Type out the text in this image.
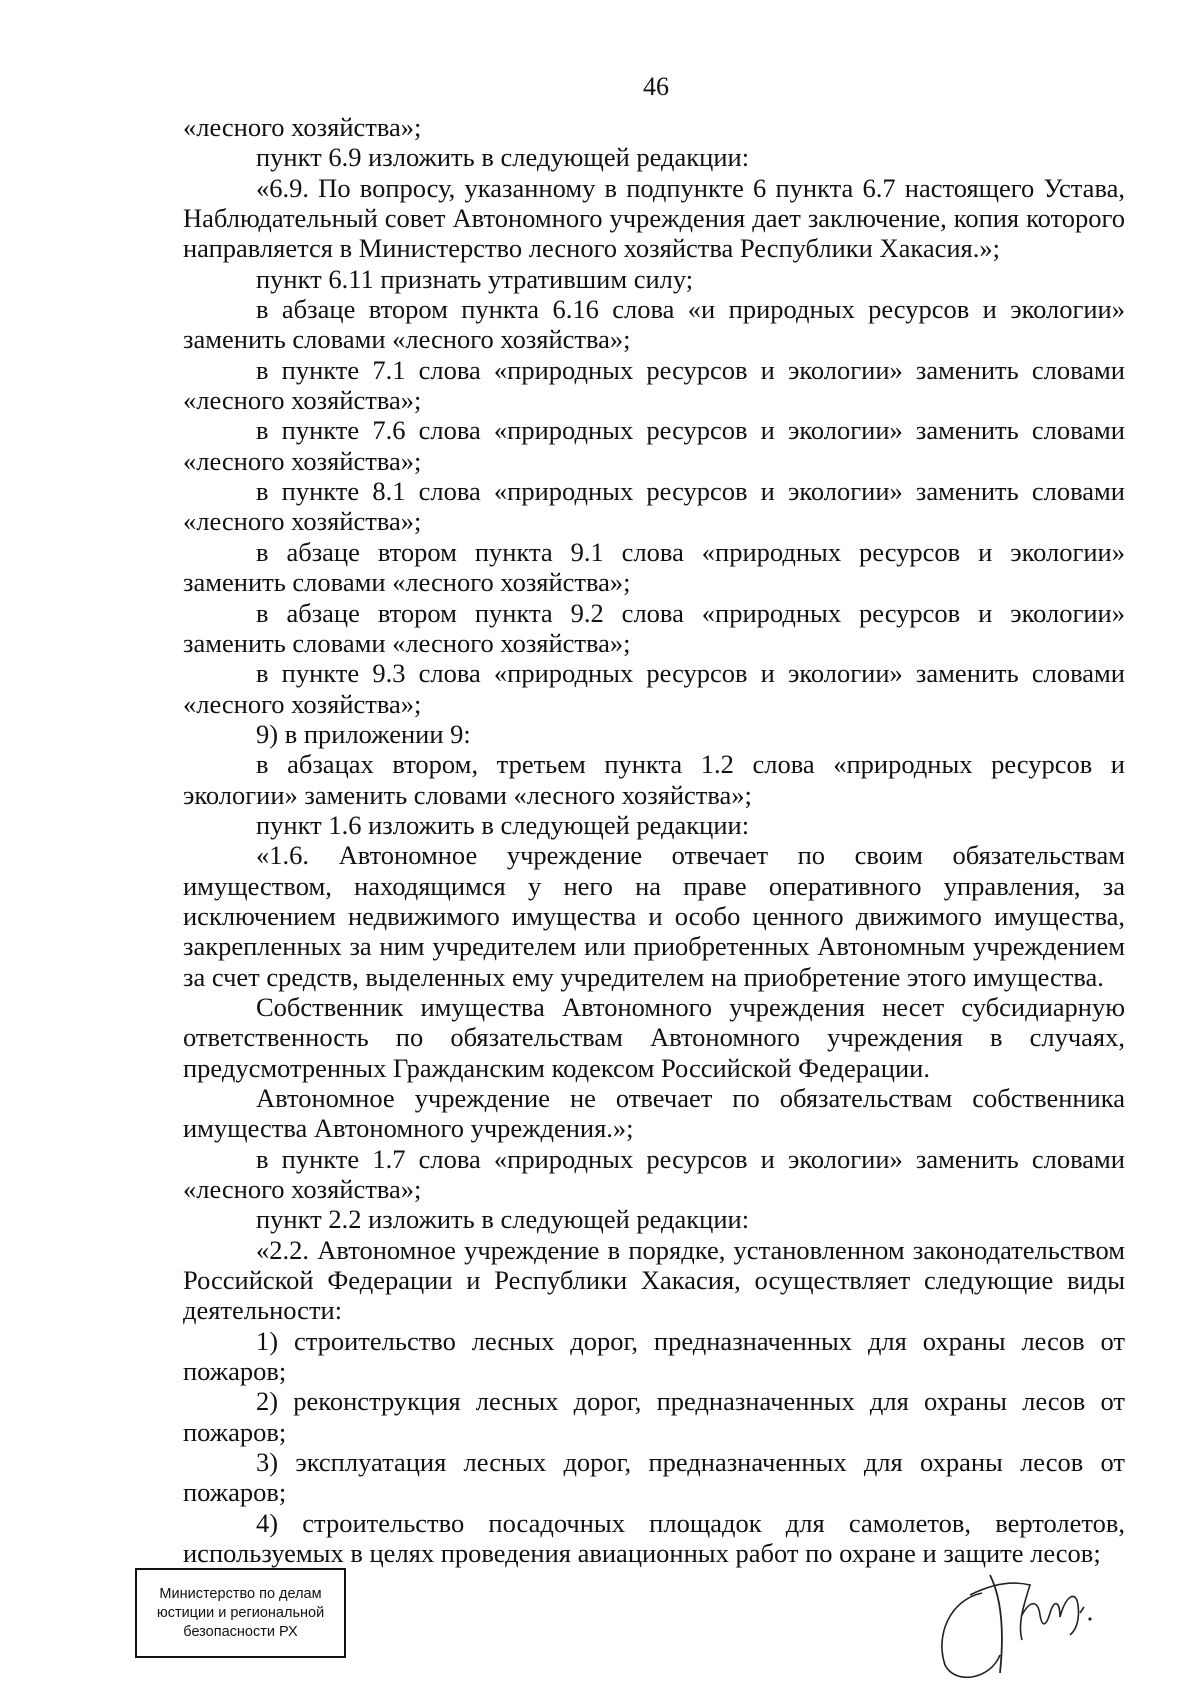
46

«лесного хозяйства»;

пункт 6.9 изложить в следующей редакции:

«6.9. По вопросу, указанному в подпункте 6 пункта 6.7 настоящего Устава, Наблюдательный совет Автономного учреждения дает заключение, копия которого направляется в Министерство лесного хозяйства Республики Хакасия.»;

пункт 6.11 признать утратившим силу;

в абзаце втором пункта 6.16 слова «и природных ресурсов и экологии» заменить словами «лесного хозяйства»;

в пункте 7.1 слова «природных ресурсов и экологии» заменить словами «лесного хозяйства»;

в пункте 7.6 слова «природных ресурсов и экологии» заменить словами «лесного хозяйства»;

в пункте 8.1 слова «природных ресурсов и экологии» заменить словами «лесного хозяйства»;

в абзаце втором пункта 9.1 слова «природных ресурсов и экологии» заменить словами «лесного хозяйства»;

в абзаце втором пункта 9.2 слова «природных ресурсов и экологии» заменить словами «лесного хозяйства»;

в пункте 9.3 слова «природных ресурсов и экологии» заменить словами «лесного хозяйства»;

9) в приложении 9:

в абзацах втором, третьем пункта 1.2 слова «природных ресурсов и экологии» заменить словами «лесного хозяйства»;

пункт 1.6 изложить в следующей редакции:

«1.6. Автономное учреждение отвечает по своим обязательствам имуществом, находящимся у него на праве оперативного управления, за исключением недвижимого имущества и особо ценного движимого имущества, закрепленных за ним учредителем или приобретенных Автономным учреждением за счет средств, выделенных ему учредителем на приобретение этого имущества.

Собственник имущества Автономного учреждения несет субсидиарную ответственность по обязательствам Автономного учреждения в случаях, предусмотренных Гражданским кодексом Российской Федерации.

Автономное учреждение не отвечает по обязательствам собственника имущества Автономного учреждения.»;

в пункте 1.7 слова «природных ресурсов и экологии» заменить словами «лесного хозяйства»;

пункт 2.2 изложить в следующей редакции:

«2.2. Автономное учреждение в порядке, установленном законодательством Российской Федерации и Республики Хакасия, осуществляет следующие виды деятельности:

1) строительство лесных дорог, предназначенных для охраны лесов от пожаров;

2) реконструкция лесных дорог, предназначенных для охраны лесов от пожаров;

3) эксплуатация лесных дорог, предназначенных для охраны лесов от пожаров;

4) строительство посадочных площадок для самолетов, вертолетов, используемых в целях проведения авиационных работ по охране и защите лесов;

Министерство по делам
юстиции и региональной
безопасности РХ
